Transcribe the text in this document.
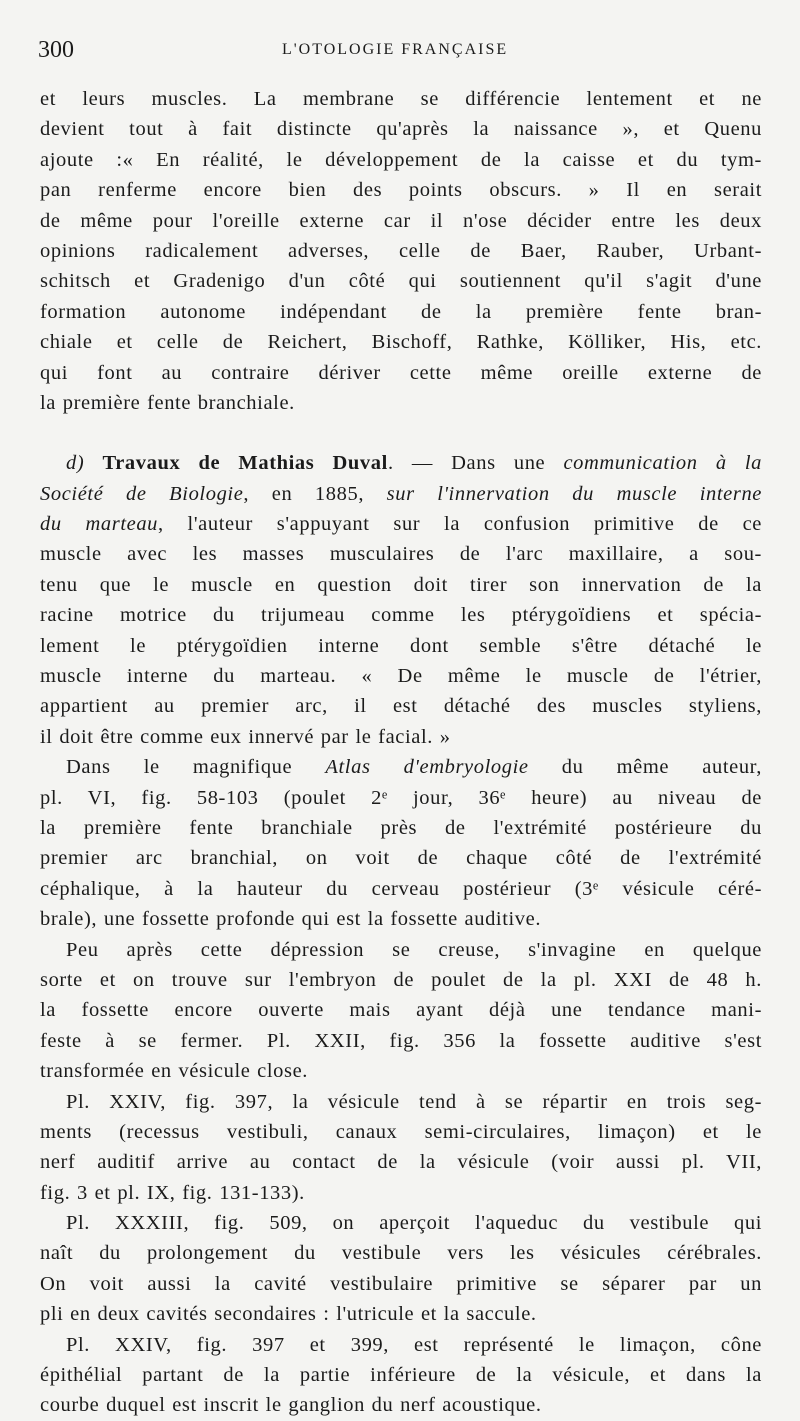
300	L'OTOLOGIE FRANÇAISE
et leurs muscles. La membrane se différencie lentement et ne
devient tout à fait distincte qu'après la naissance », et Quenu
ajoute :« En réalité, le développement de la caisse et du tym-
pan renferme encore bien des points obscurs. » Il en serait
de même pour l'oreille externe car il n'ose décider entre les deux
opinions radicalement adverses, celle de Baer, Rauber, Urbant-
schitsch et Gradenigo d'un côté qui soutiennent qu'il s'agit d'une
formation autonome indépendant de la première fente bran-
chiale et celle de Reichert, Bischoff, Rathke, Kölliker, His, etc.
qui font au contraire dériver cette même oreille externe de
la première fente branchiale.
d) Travaux de Mathias Duval. — Dans une communication à la
Société de Biologie, en 1885, sur l'innervation du muscle interne
du marteau, l'auteur s'appuyant sur la confusion primitive de ce
muscle avec les masses musculaires de l'arc maxillaire, a sou-
tenu que le muscle en question doit tirer son innervation de la
racine motrice du trijumeau comme les ptérygoïdiens et spécia-
lement le ptérygoïdien interne dont semble s'être détaché le
muscle interne du marteau. « De même le muscle de l'étrier,
appartient au premier arc, il est détaché des muscles styliens,
il doit être comme eux innervé par le facial. »
Dans le magnifique Atlas d'embryologie du même auteur,
pl. VI, fig. 58-103 (poulet 2ᵉ jour, 36ᵉ heure) au niveau de
la première fente branchiale près de l'extrémité postérieure du
premier arc branchial, on voit de chaque côté de l'extrémité
céphalique, à la hauteur du cerveau postérieur (3ᵉ vésicule céré-
brale), une fossette profonde qui est la fossette auditive.
Peu après cette dépression se creuse, s'invagine en quelque
sorte et on trouve sur l'embryon de poulet de la pl. XXI de 48 h.
la fossette encore ouverte mais ayant déjà une tendance mani-
feste à se fermer. Pl. XXII, fig. 356 la fossette auditive s'est
transformée en vésicule close.
Pl. XXIV, fig. 397, la vésicule tend à se répartir en trois seg-
ments (recessus vestibuli, canaux semi-circulaires, limaçon) et le
nerf auditif arrive au contact de la vésicule (voir aussi pl. VII,
fig. 3 et pl. IX, fig. 131-133).
Pl. XXXIII, fig. 509, on aperçoit l'aqueduc du vestibule qui
naît du prolongement du vestibule vers les vésicules cérébrales.
On voit aussi la cavité vestibulaire primitive se séparer par un
pli en deux cavités secondaires : l'utricule et la saccule.
Pl. XXIV, fig. 397 et 399, est représenté le limaçon, cône
épithélial partant de la partie inférieure de la vésicule, et dans la
courbe duquel est inscrit le ganglion du nerf acoustique.
